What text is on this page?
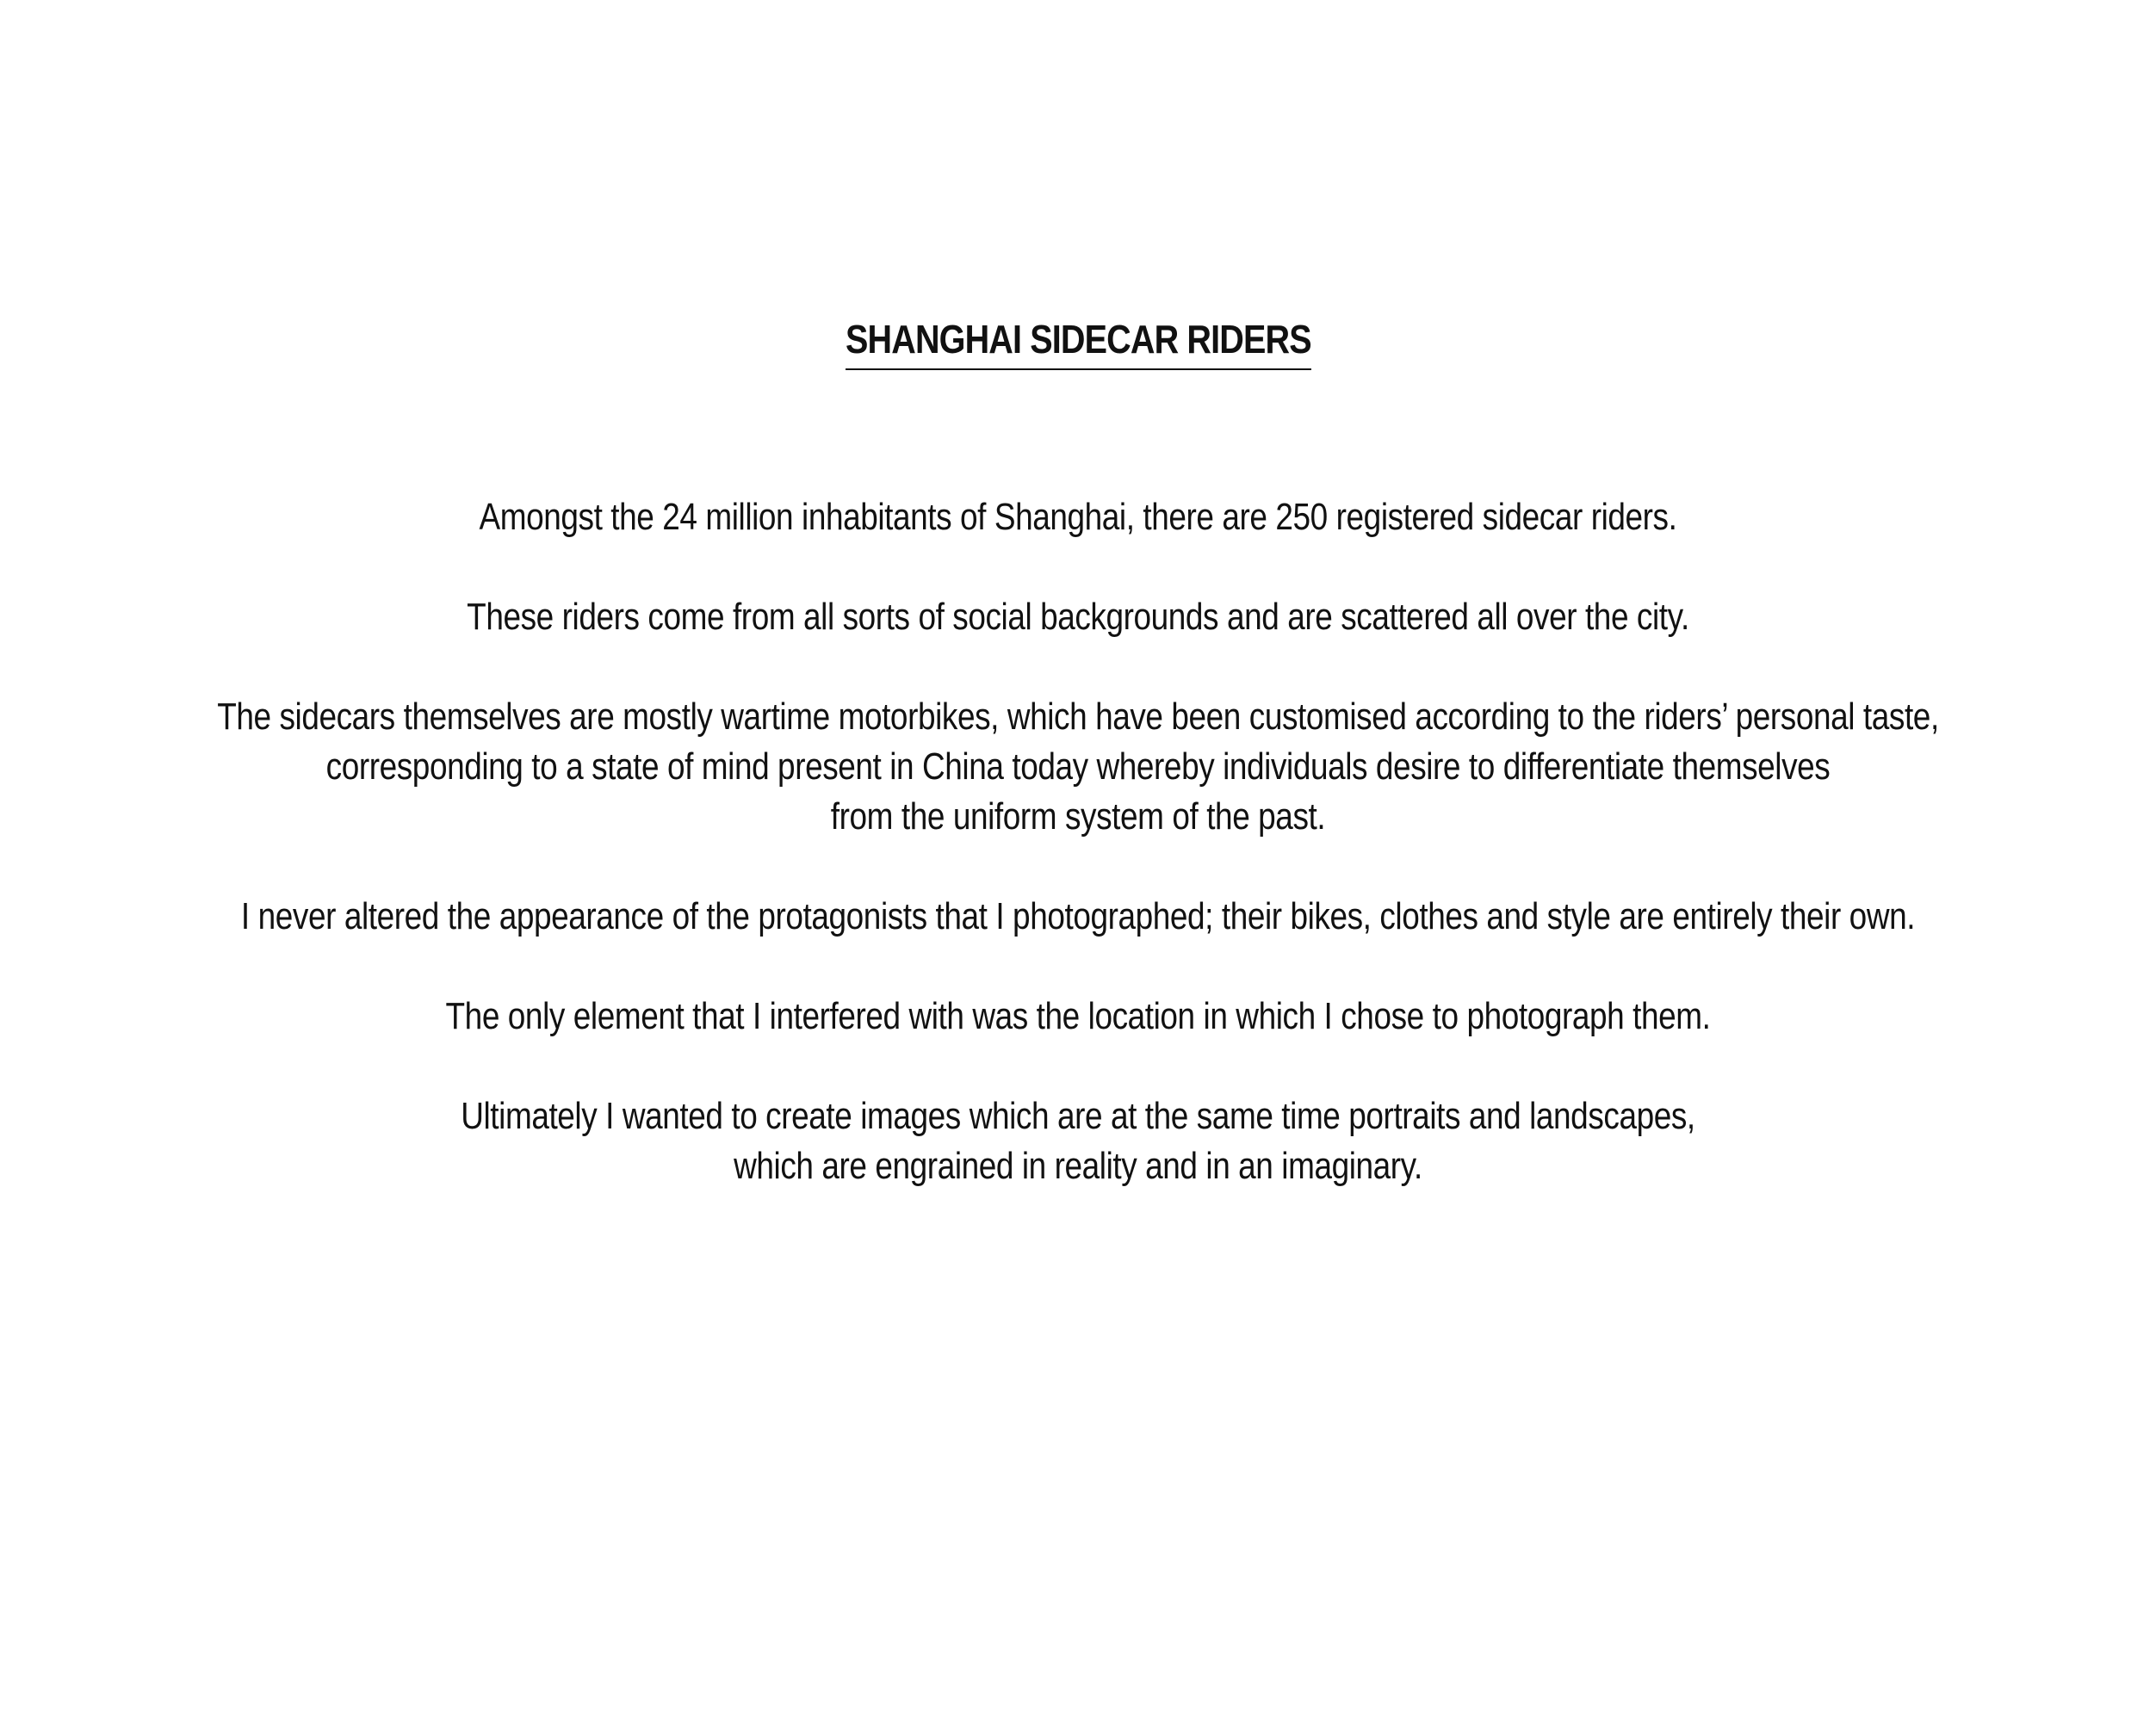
SHANGHAI SIDECAR RIDERS

Amongst the 24 million inhabitants of Shanghai, there are 250 registered sidecar riders.

These riders come from all sorts of social backgrounds and are scattered all over the city.

The sidecars themselves are mostly wartime motorbikes, which have been customised according to the riders’ personal taste,
corresponding to a state of mind present in China today whereby individuals desire to differentiate themselves
from the uniform system of the past.

I never altered the appearance of the protagonists that I photographed; their bikes, clothes and style are entirely their own.

The only element that I interfered with was the location in which I chose to photograph them.

Ultimately I wanted to create images which are at the same time portraits and landscapes,
which are engrained in reality and in an imaginary.
